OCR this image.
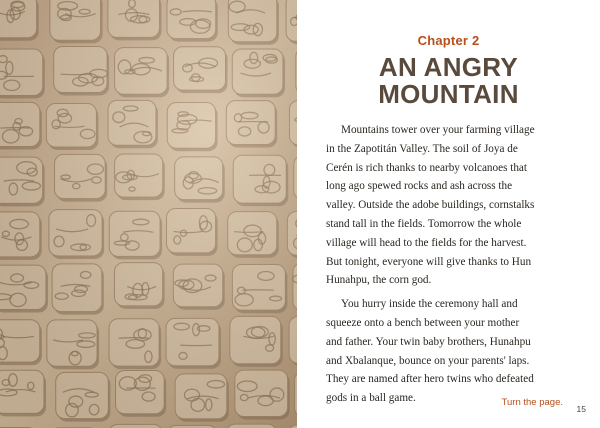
Chapter 2
AN ANGRY
MOUNTAIN

Mountains tower over your farming village
in the Zapotitán Valley. The soil of Joya de
Cerén is rich thanks to nearby volcanoes that
long ago spewed rocks and ash across the
valley. Outside the adobe buildings, cornstalks
stand tall in the fields. Tomorrow the whole
village will head to the fields for the harvest.
But tonight, everyone will give thanks to Hun
Hunahpu, the corn god.

You hurry inside the ceremony hall and
squeeze onto a bench between your mother
and father. Your twin baby brothers, Hunahpu
and Xbalanque, bounce on your parents' laps.
They are named after hero twins who defeated
gods in a ball game.	Turn the page.
15
